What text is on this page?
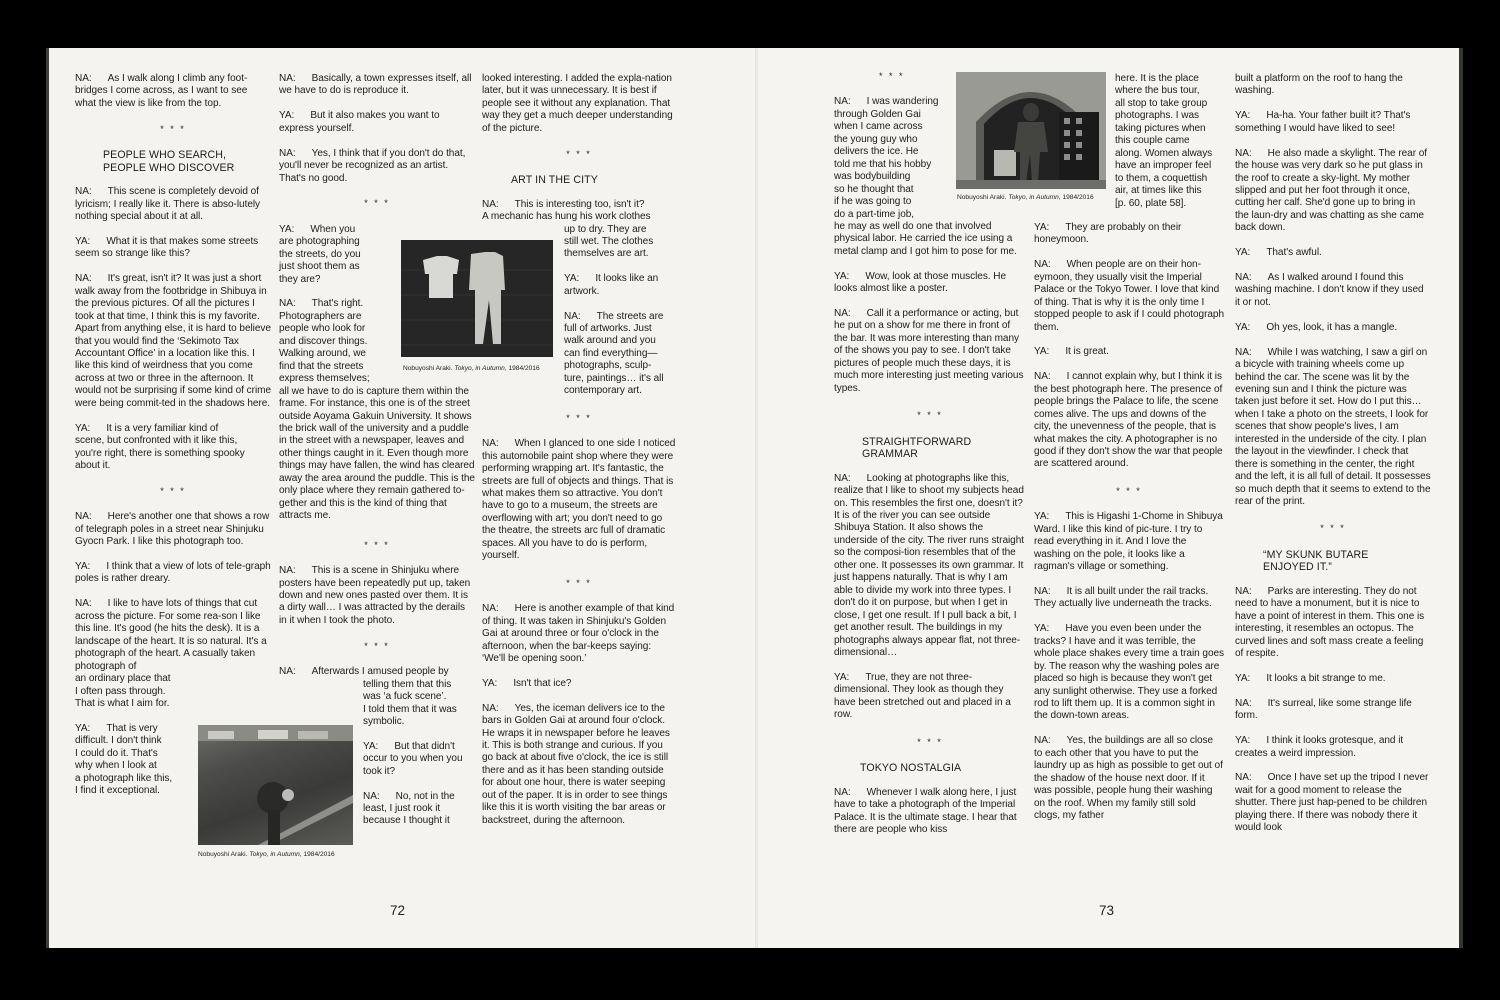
NA: As I walk along I climb any foot-bridges I come across, as I want to see what the view is like from the top.

* * *
PEOPLE WHO SEARCH,
PEOPLE WHO DISCOVER

NA: This scene is completely devoid of lyricism; I really like it. There is abso-lutely nothing special about it at all.

YA: What it is that makes some streets seem so strange like this?

NA: It's great, isn't it? It was just a short walk away from the footbridge in Shibuya in the previous pictures. Of all the pictures I took at that time, I think this is my favorite. Apart from anything else, it is hard to believe that you would find the ‘Sekimoto Tax Accountant Office’ in a location like this. I like this kind of weirdness that you come across at two or three in the afternoon. It would not be surprising if some kind of crime were being commit-ted in the shadows here.

YA: It is a very familiar kind of scene, but confronted with it like this, you're right, there is something spooky about it.

* * *

NA: Here's another one that shows a row of telegraph poles in a street near Shinjuku Gyocn Park. I like this photograph too.

YA: I think that a view of lots of tele-graph poles is rather dreary.

NA: I like to have lots of things that cut across the picture. For some rea-son I like this line. It's good (he hits the desk). It is a landscape of the heart. It is so natural. It's a photograph of the heart. A casually taken photograph of

an ordinary place that
I often pass through.
That is what I aim for.

YA: That is very
difficult. I don't think
I could do it. That's
why when I look at
a photograph like this,
I find it exceptional.

Nobuyoshi Araki. Tokyo, in Autumn, 1984/2016

NA: Basically, a town expresses itself, all we have to do is reproduce it.

YA: But it also makes you want to express yourself.

NA: Yes, I think that if you don't do that, you'll never be recognized as an artist. That's no good.

* * *

YA: When you
are photographing
the streets, do you
just shoot them as
they are?

NA: That's right.
Photographers are
people who look for
and discover things.
Walking around, we
find that the streets
express themselves;

all we have to do is capture them within the frame. For instance, this one is of the street outside Aoyama Gakuin University. It shows the brick wall of the university and a puddle in the street with a newspaper, leaves and other things caught in it. Even though more things may have fallen, the wind has cleared away the area around the puddle. This is the only place where they remain gathered to-gether and this is the kind of thing that attracts me.

* * *

NA: This is a scene in Shinjuku where posters have been repeatedly put up, taken down and new ones pasted over them. It is a dirty wall… I was attracted by the derails in it when I took the photo.

* * *

NA: Afterwards I amused people by
telling them that this
was ‘a fuck scene’.
I told them that it was
symbolic.

YA: But that didn't
occur to you when you
took it?

NA: No, not in the
least, I just rook it
because I thought it

Nobuyoshi Araki. Tokyo, in Autumn, 1984/2016

looked interesting. I added the expla-nation later, but it was unnecessary. It is best if people see it without any explanation. That way they get a much deeper understanding of the picture.

* * *
ART IN THE CITY

NA: This is interesting too, isn't it?
A mechanic has hung his work clothes
up to dry. They are
still wet. The clothes
themselves are art.

YA: It looks like an
artwork.

NA: The streets are
full of artworks. Just
walk around and you
can find everything—
photographs, sculp-
ture, paintings… it's all
contemporary art.

* * *

NA: When I glanced to one side I noticed this automobile paint shop where they were performing wrapping art. It's fantastic, the streets are full of objects and things. That is what makes them so attractive. You don't have to go to a museum, the streets are overflowing with art; you don't need to go the theatre, the streets arc full of dramatic spaces. All you have to do is perform, yourself.

* * *

NA: Here is another example of that kind of thing. It was taken in Shinjuku's Golden Gai at around three or four o'clock in the afternoon, when the bar-keeps saying: ‘We'll be opening soon.’

YA: Isn't that ice?

NA: Yes, the iceman delivers ice to the bars in Golden Gai at around four o'clock. He wraps it in newspaper before he leaves it. This is both strange and curious. If you go back at about five o'clock, the ice is still there and as it has been standing outside for about one hour, there is water seeping out of the paper. It is in order to see things like this it is worth visiting the bar areas or backstreet, during the afternoon.

72
* * *

NA: I was wandering
through Golden Gai
when I came across
the young guy who
delivers the ice. He
told me that his hobby
was bodybuilding
so he thought that
if he was going to
do a part-time job,

he may as well do one that involved physical labor. He carried the ice using a metal clamp and I got him to pose for me.

YA: Wow, look at those muscles. He looks almost like a poster.

NA: Call it a performance or acting, but he put on a show for me there in front of the bar. It was more interesting than many of the shows you pay to see. I don't take pictures of people much these days, it is much more interesting just meeting various types.

* * *
STRAIGHTFORWARD
GRAMMAR

NA: Looking at photographs like this, realize that I like to shoot my subjects head on. This resembles the first one, doesn't it? It is of the river you can see outside Shibuya Station. It also shows the underside of the city. The river runs straight so the composi-tion resembles that of the other one. It possesses its own grammar. It just happens naturally. That is why I am able to divide my work into three types. I don't do it on purpose, but when I get in close, I get one result. If I pull back a bit, I get another result. The buildings in my photographs always appear flat, not three-dimensional…

YA: True, they are not three-dimensional. They look as though they have been stretched out and placed in a row.

* * *
TOKYO NOSTALGIA

NA: Whenever I walk along here, I just have to take a photograph of the Imperial Palace. It is the ultimate stage. I hear that there are people who kiss

Nobuyoshi Araki. Tokyo, in Autumn, 1984/2016

here. It is the place
where the bus tour,
all stop to take group
photographs. I was
taking pictures when
this couple came
along. Women always
have an improper feel
to them, a coquettish
air, at times like this
[p. 60, plate 58].

YA: They are probably on their honeymoon.

NA: When people are on their hon-eymoon, they usually visit the Imperial Palace or the Tokyo Tower. I love that kind of thing. That is why it is the only time I stopped people to ask if I could photograph them.

YA: It is great.

NA: I cannot explain why, but I think it is the best photograph here. The presence of people brings the Palace to life, the scene comes alive. The ups and downs of the city, the unevenness of the people, that is what makes the city. A photographer is no good if they don't show the war that people are scattered around.

* * *

YA: This is Higashi 1-Chome in Shibuya Ward. I like this kind of pic-ture. I try to read everything in it. And I love the washing on the pole, it looks like a ragman's village or something.

NA: It is all built under the rail tracks. They actually live underneath the tracks.

YA: Have you even been under the tracks? I have and it was terrible, the whole place shakes every time a train goes by. The reason why the washing poles are placed so high is because they won't get any sunlight otherwise. They use a forked rod to lift them up. It is a common sight in the down-town areas.

NA: Yes, the buildings are all so close to each other that you have to put the laundry up as high as possible to get out of the shadow of the house next door. If it was possible, people hung their washing on the roof. When my family still sold clogs, my father

built a platform on the roof to hang the washing.

YA: Ha-ha. Your father built it? That's something I would have liked to see!

NA: He also made a skylight. The rear of the house was very dark so he put glass in the roof to create a sky-light. My mother slipped and put her foot through it once, cutting her calf. She'd gone up to bring in the laun-dry and was chatting as she came back down.

YA: That's awful.

NA: As I walked around I found this washing machine. I don't know if they used it or not.

YA: Oh yes, look, it has a mangle.

NA: While I was watching, I saw a girl on a bicycle with training wheels come up behind the car. The scene was lit by the evening sun and I think the picture was taken just before it set. How do I put this… when I take a photo on the streets, I look for scenes that show people's lives, I am interested in the underside of the city. I plan the layout in the viewfinder. I check that there is something in the center, the right and the left, it is all full of detail. It possesses so much depth that it seems to extend to the rear of the print.

* * *
“MY SKUNK BUTARE
ENJOYED IT.”

NA: Parks are interesting. They do not need to have a monument, but it is nice to have a point of interest in them. This one is interesting, it resembles an octopus. The curved lines and soft mass create a feeling of respite.

YA: It looks a bit strange to me.

NA: It's surreal, like some strange life form.

YA: I think it looks grotesque, and it creates a weird impression.

NA: Once I have set up the tripod I never wait for a good moment to release the shutter. There just hap-pened to be children playing there. If there was nobody there it would look

73
